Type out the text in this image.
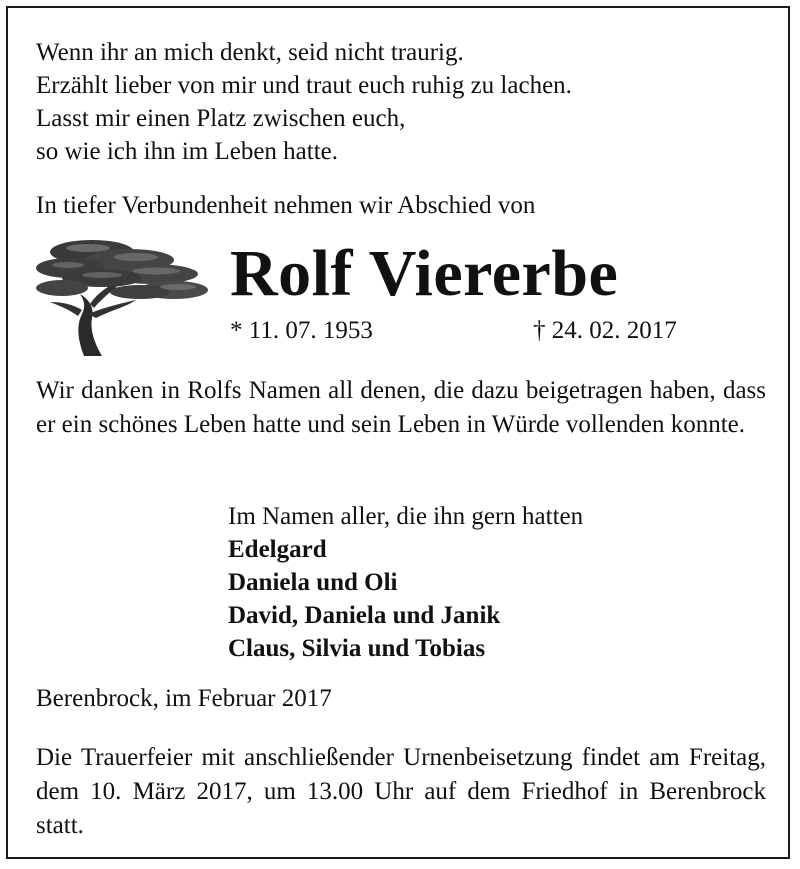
Wenn ihr an mich denkt, seid nicht traurig.
Erzählt lieber von mir und traut euch ruhig zu lachen.
Lasst mir einen Platz zwischen euch,
so wie ich ihn im Leben hatte.
In tiefer Verbundenheit nehmen wir Abschied von
Rolf Viererbe
* 11. 07. 1953	† 24. 02. 2017
Wir danken in Rolfs Namen all denen, die dazu beigetragen haben, dass er ein schönes Leben hatte und sein Leben in Würde vollenden konnte.
Im Namen aller, die ihn gern hatten
Edelgard
Daniela und Oli
David, Daniela und Janik
Claus, Silvia und Tobias
Berenbrock, im Februar 2017
Die Trauerfeier mit anschließender Urnenbeisetzung findet am Freitag, dem 10. März 2017, um 13.00 Uhr auf dem Friedhof in Berenbrock statt.
